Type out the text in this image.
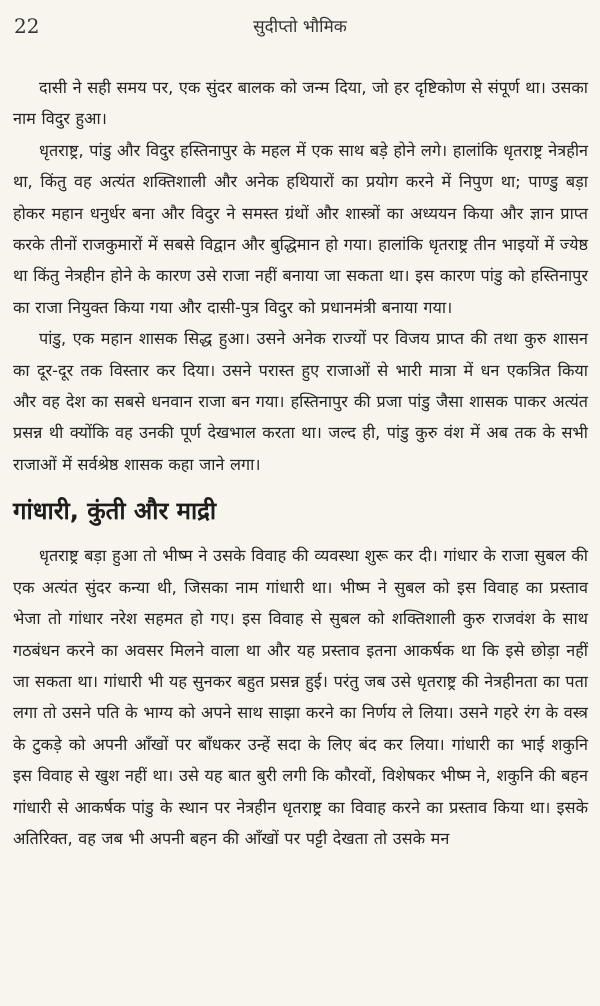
22	सुदीप्तो भौमिक

दासी ने सही समय पर, एक सुंदर बालक को जन्म दिया, जो हर दृष्टिकोण से संपूर्ण था। उसका नाम विदुर हुआ।

धृतराष्ट्र, पांडु और विदुर हस्तिनापुर के महल में एक साथ बड़े होने लगे। हालांकि धृतराष्ट्र नेत्रहीन था, किंतु वह अत्यंत शक्तिशाली और अनेक हथियारों का प्रयोग करने में निपुण था; पाण्डु बड़ा होकर महान धनुर्धर बना और विदुर ने समस्त ग्रंथों और शास्त्रों का अध्ययन किया और ज्ञान प्राप्त करके तीनों राजकुमारों में सबसे विद्वान और बुद्धिमान हो गया। हालांकि धृतराष्ट्र तीन भाइयों में ज्येष्ठ था किंतु नेत्रहीन होने के कारण उसे राजा नहीं बनाया जा सकता था। इस कारण पांडु को हस्तिनापुर का राजा नियुक्त किया गया और दासी-पुत्र विदुर को प्रधानमंत्री बनाया गया।

पांडु, एक महान शासक सिद्ध हुआ। उसने अनेक राज्यों पर विजय प्राप्त की तथा कुरु शासन का दूर-दूर तक विस्तार कर दिया। उसने परास्त हुए राजाओं से भारी मात्रा में धन एकत्रित किया और वह देश का सबसे धनवान राजा बन गया। हस्तिनापुर की प्रजा पांडु जैसा शासक पाकर अत्यंत प्रसन्न थी क्योंकि वह उनकी पूर्ण देखभाल करता था। जल्द ही, पांडु कुरु वंश में अब तक के सभी राजाओं में सर्वश्रेष्ठ शासक कहा जाने लगा।

गांधारी, कुंती और माद्री

धृतराष्ट्र बड़ा हुआ तो भीष्म ने उसके विवाह की व्यवस्था शुरू कर दी। गांधार के राजा सुबल की एक अत्यंत सुंदर कन्या थी, जिसका नाम गांधारी था। भीष्म ने सुबल को इस विवाह का प्रस्ताव भेजा तो गांधार नरेश सहमत हो गए। इस विवाह से सुबल को शक्तिशाली कुरु राजवंश के साथ गठबंधन करने का अवसर मिलने वाला था और यह प्रस्ताव इतना आकर्षक था कि इसे छोड़ा नहीं जा सकता था। गांधारी भी यह सुनकर बहुत प्रसन्न हुई। परंतु जब उसे धृतराष्ट्र की नेत्रहीनता का पता लगा तो उसने पति के भाग्य को अपने साथ साझा करने का निर्णय ले लिया। उसने गहरे रंग के वस्त्र के टुकड़े को अपनी आँखों पर बाँधकर उन्हें सदा के लिए बंद कर लिया। गांधारी का भाई शकुनि इस विवाह से खुश नहीं था। उसे यह बात बुरी लगी कि कौरवों, विशेषकर भीष्म ने, शकुनि की बहन गांधारी से आकर्षक पांडु के स्थान पर नेत्रहीन धृतराष्ट्र का विवाह करने का प्रस्ताव किया था। इसके अतिरिक्त, वह जब भी अपनी बहन की आँखों पर पट्टी देखता तो उसके मन
